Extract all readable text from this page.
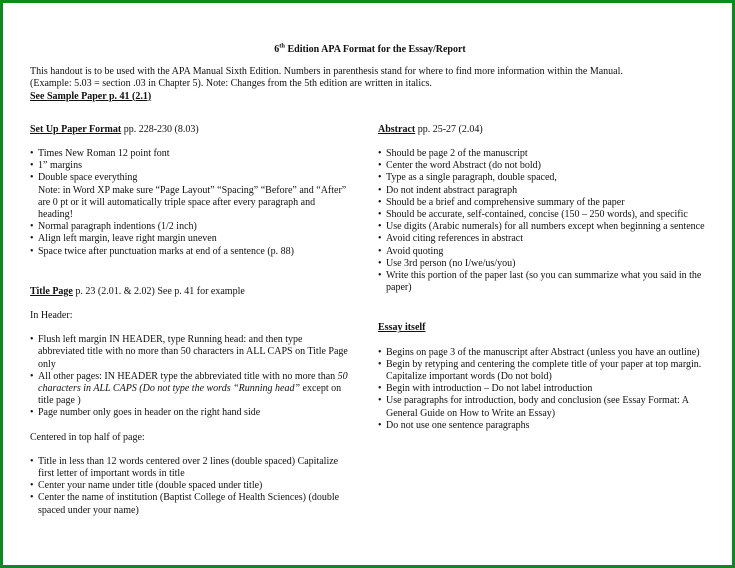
6th Edition APA Format for the Essay/Report

This handout is to be used with the APA Manual Sixth Edition. Numbers in parenthesis stand for where to find more information within the Manual.

(Example: 5.03 = section .03 in Chapter 5). Note: Changes from the 5th edition are written in italics.

See Sample Paper p. 41 (2.1)

Set Up Paper Format pp. 228-230 (8.03)

• Times New Roman 12 point font
• 1” margins
• Double space everything
Note: in Word XP make sure “Page Layout” “Spacing” “Before” and “After” are 0 pt or it will automatically triple space after every paragraph and heading!
• Normal paragraph indentions (1/2 inch)
• Align left margin, leave right margin uneven
• Space twice after punctuation marks at end of a sentence (p. 88)

Title Page p. 23 (2.01. & 2.02) See p. 41 for example

In Header:

• Flush left margin IN HEADER, type Running head: and then type abbreviated title with no more than 50 characters in ALL CAPS on Title Page only
• All other pages: IN HEADER type the abbreviated title with no more than 50 characters in ALL CAPS (Do not type the words “Running head” except on title page )
• Page number only goes in header on the right hand side

Centered in top half of page:

• Title in less than 12 words centered over 2 lines (double spaced) Capitalize first letter of important words in title
• Center your name under title (double spaced under title)
• Center the name of institution (Baptist College of Health Sciences) (double spaced under your name)

Abstract pp. 25-27 (2.04)

• Should be page 2 of the manuscript
• Center the word Abstract (do not bold)
• Type as a single paragraph, double spaced,
• Do not indent abstract paragraph
• Should be a brief and comprehensive summary of the paper
• Should be accurate, self-contained, concise (150 – 250 words), and specific
• Use digits (Arabic numerals) for all numbers except when beginning a sentence
• Avoid citing references in abstract
• Avoid quoting
• Use 3rd person (no I/we/us/you)
• Write this portion of the paper last (so you can summarize what you said in the paper)

Essay itself

• Begins on page 3 of the manuscript after Abstract (unless you have an outline)
• Begin by retyping and centering the complete title of your paper at top margin. Capitalize important words (Do not bold)
• Begin with introduction – Do not label introduction
• Use paragraphs for introduction, body and conclusion (see Essay Format: A General Guide on How to Write an Essay)
• Do not use one sentence paragraphs
